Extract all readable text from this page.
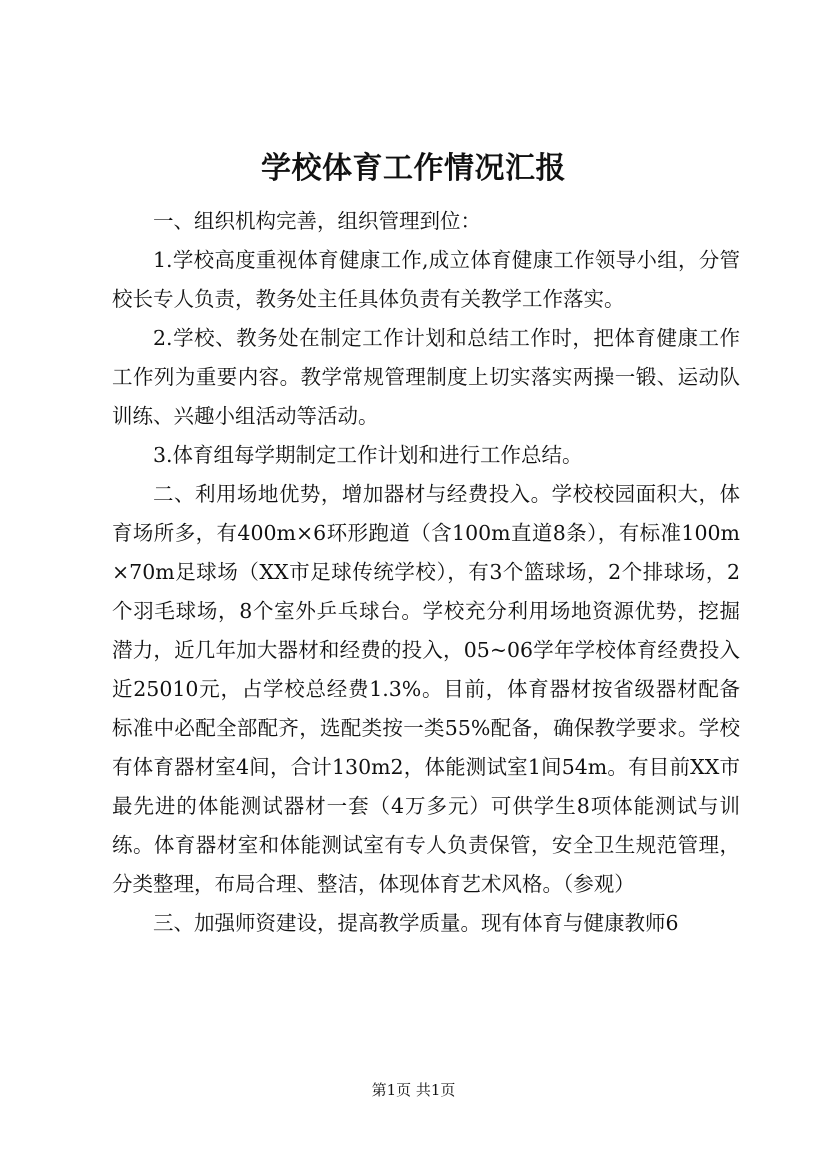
学校体育工作情况汇报

一、组织机构完善，组织管理到位：

1.学校高度重视体育健康工作,成立体育健康工作领导小组，分管校长专人负责，教务处主任具体负责有关教学工作落实。

2.学校、教务处在制定工作计划和总结工作时，把体育健康工作工作列为重要内容。教学常规管理制度上切实落实两操一锻、运动队训练、兴趣小组活动等活动。

3.体育组每学期制定工作计划和进行工作总结。

二、利用场地优势，增加器材与经费投入。学校校园面积大，体育场所多，有400m×6环形跑道（含100m直道8条），有标准100m×70m足球场（XX市足球传统学校），有3个篮球场，2个排球场，2个羽毛球场，8个室外乒乓球台。学校充分利用场地资源优势，挖掘潜力，近几年加大器材和经费的投入，05~06学年学校体育经费投入近25010元，占学校总经费1.3%。目前，体育器材按省级器材配备标准中必配全部配齐，选配类按一类55%配备，确保教学要求。学校有体育器材室4间，合计130m2，体能测试室1间54m。有目前XX市最先进的体能测试器材一套（4万多元）可供学生8项体能测试与训练。体育器材室和体能测试室有专人负责保管，安全卫生规范管理，分类整理，布局合理、整洁，体现体育艺术风格。（参观）

三、加强师资建设，提高教学质量。现有体育与健康教师6

第1页 共1页
